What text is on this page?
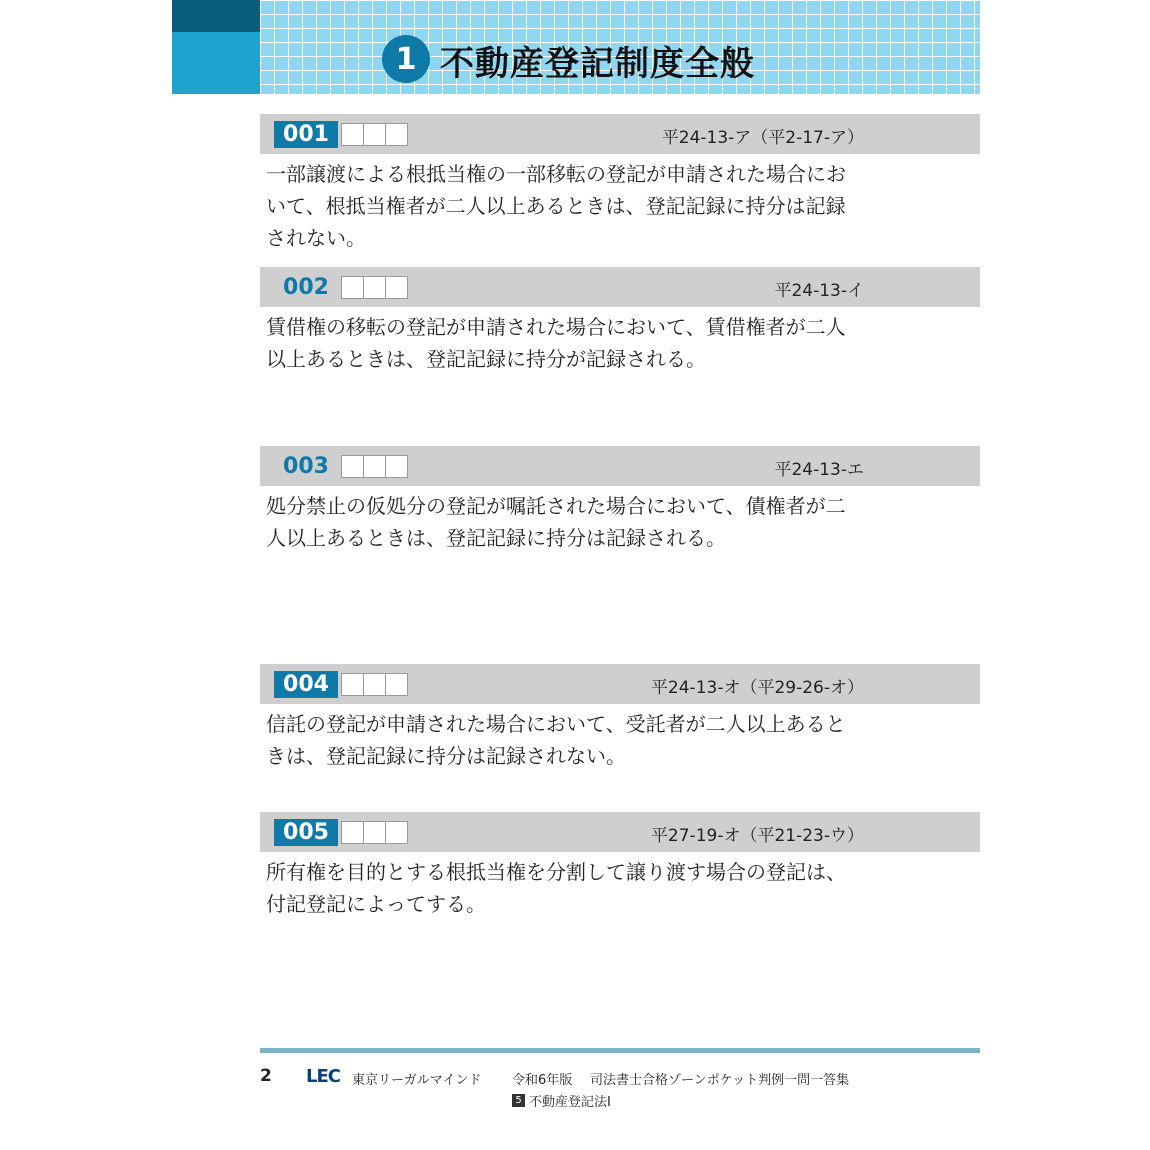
1 不動産登記制度全般
001	平24-13-ア（平2-17-ア）
一部譲渡による根抵当権の一部移転の登記が申請された場合にお
いて、根抵当権者が二人以上あるときは、登記記録に持分は記録
されない。
002	平24-13-イ
賃借権の移転の登記が申請された場合において、賃借権者が二人
以上あるときは、登記記録に持分が記録される。
003	平24-13-エ
処分禁止の仮処分の登記が嘱託された場合において、債権者が二
人以上あるときは、登記記録に持分は記録される。
004	平24-13-オ（平29-26-オ）
信託の登記が申請された場合において、受託者が二人以上あると
きは、登記記録に持分は記録されない。
005	平27-19-オ（平21-23-ウ）
所有権を目的とする根抵当権を分割して譲り渡す場合の登記は、
付記登記によってする。
2 LEC 東京リーガルマインド 令和6年版 司法書士合格ゾーンポケット判例一問一答集
5 不動産登記法Ⅰ
